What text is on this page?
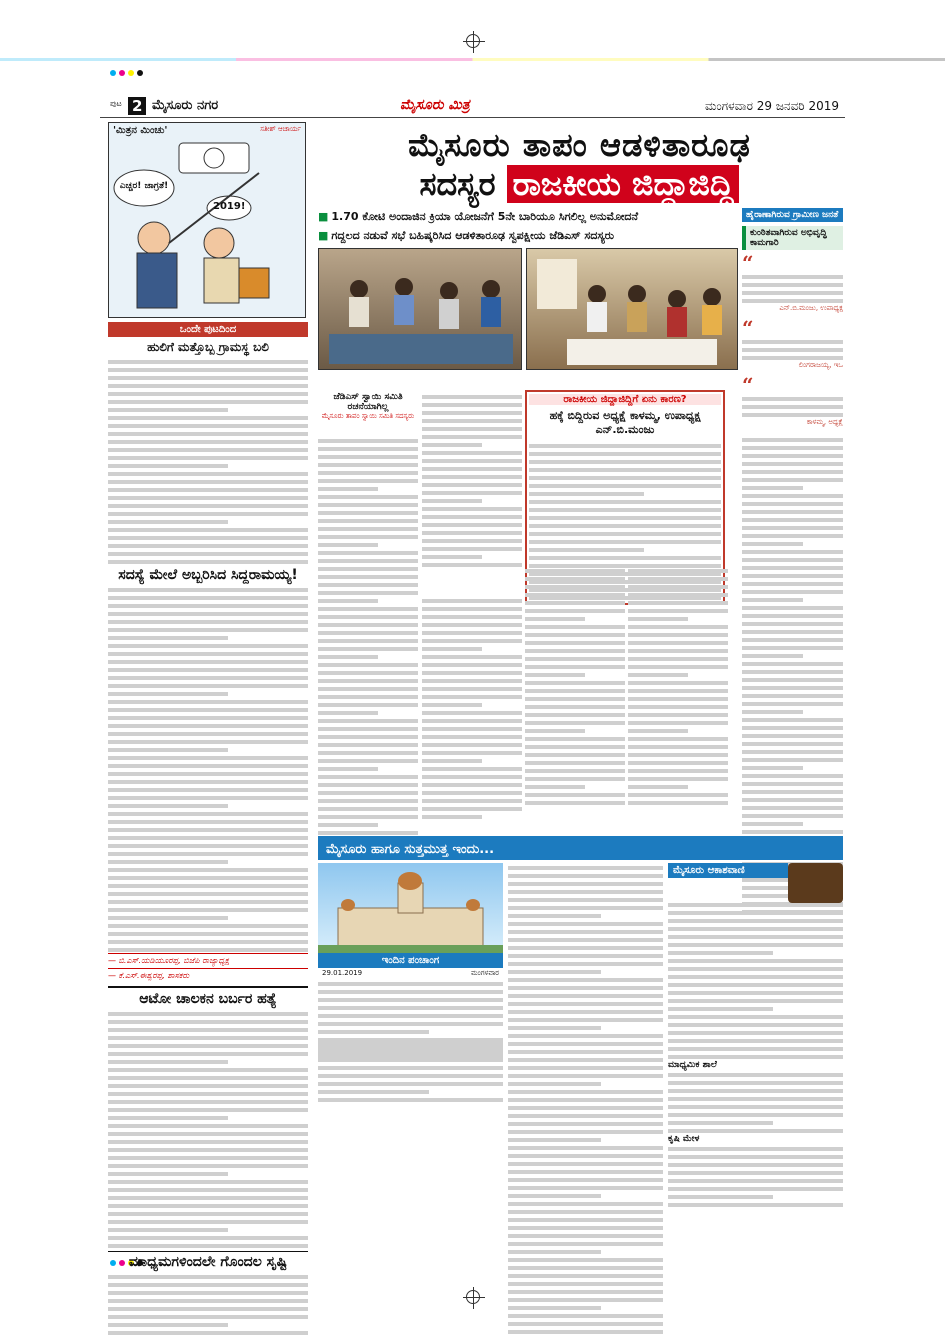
ಪುಟ 2 ಮೈಸೂರು ನಗರ	ಮೈಸೂರು ಮಿತ್ರ	ಮಂಗಳವಾರ 29 ಜನವರಿ 2019
'ಮಿತ್ರನ ಮಿಂಚು'	ಸತೀಶ್ ಆಚಾರ್ಯ
ಎಚ್ಚರ! ಜಾಗ್ರತೆ!
2019!
ಒಂದೇ ಪುಟದಿಂದ
ಹುಲಿಗೆ ಮತ್ತೊಬ್ಬ ಗ್ರಾಮಸ್ಥ ಬಲಿ
ಸದಸ್ಯೆ ಮೇಲೆ ಅಬ್ಬರಿಸಿದ ಸಿದ್ದರಾಮಯ್ಯ!
— ಬಿ.ಎಸ್.ಯಡಿಯೂರಪ್ಪ, ಬಿಜೆಪಿ ರಾಜ್ಯಾಧ್ಯಕ್ಷ
— ಕೆ.ಎಸ್.ಈಶ್ವರಪ್ಪ, ಶಾಸಕರು
ಆಟೋ ಚಾಲಕನ ಬರ್ಬರ ಹತ್ಯೆ
ಮಾಧ್ಯಮಗಳಿಂದಲೇ ಗೊಂದಲ ಸೃಷ್ಟಿ
ಮೈಸೂರು ತಾಪಂ ಆಡಳಿತಾರೂಢ
ಸದಸ್ಯರ ರಾಜಕೀಯ ಜಿದ್ದಾಜಿದ್ದಿ
■ 1.70 ಕೋಟಿ ಅಂದಾಜಿನ ಕ್ರಿಯಾ ಯೋಜನೆಗೆ 5ನೇ ಬಾರಿಯೂ ಸಿಗಲಿಲ್ಲ ಅನುಮೋದನೆ
■ ಗದ್ದಲದ ನಡುವೆ ಸಭೆ ಬಹಿಷ್ಕರಿಸಿದ ಆಡಳಿತಾರೂಢ ಸ್ವಪಕ್ಷೀಯ ಜೆಡಿಎಸ್ ಸದಸ್ಯರು
ಹೈರಾಣಾಗಿರುವ ಗ್ರಾಮೀಣ ಜನತೆ
ಕುಂಠಿತವಾಗಿರುವ ಅಭಿವೃದ್ಧಿ ಕಾಮಗಾರಿ
“
ಎನ್.ಬಿ.ಮಂಜು, ಉಪಾಧ್ಯಕ್ಷ
“
ಲಿಂಗರಾಜಯ್ಯ, ಇಒ
“
ಕಾಳಮ್ಮ, ಅಧ್ಯಕ್ಷೆ
ಜೆಡಿಎಸ್ ಸ್ವಾಯಿ ಸಮಿತಿ ರಚನೆಯಾಗಿಲ್ಲ
ಮೈಸೂರು ತಾಪಂ ಸ್ವಾಯಿ ಸಮಿತಿ ಸದಸ್ಯರು
ರಾಜಕೀಯ ಜಿದ್ದಾಜಿದ್ದಿಗೆ ಏನು ಕಾರಣ?
ಹಕ್ಕೆ ಬಿದ್ದಿರುವ ಅಧ್ಯಕ್ಷೆ ಕಾಳಮ್ಮ, ಉಪಾಧ್ಯಕ್ಷ ಎನ್.ಬಿ.ಮಂಜು
ಮೈಸೂರು ಹಾಗೂ ಸುತ್ತಮುತ್ತ ಇಂದು...
ಇಂದಿನ ಪಂಚಾಂಗ
29.01.2019	ಮಂಗಳವಾರ
ಮೈಸೂರು ಆಕಾಶವಾಣಿ
ಮಾಧ್ಯಮಿಕ ಶಾಲೆ
ಕೃಷಿ ಮೇಳ
